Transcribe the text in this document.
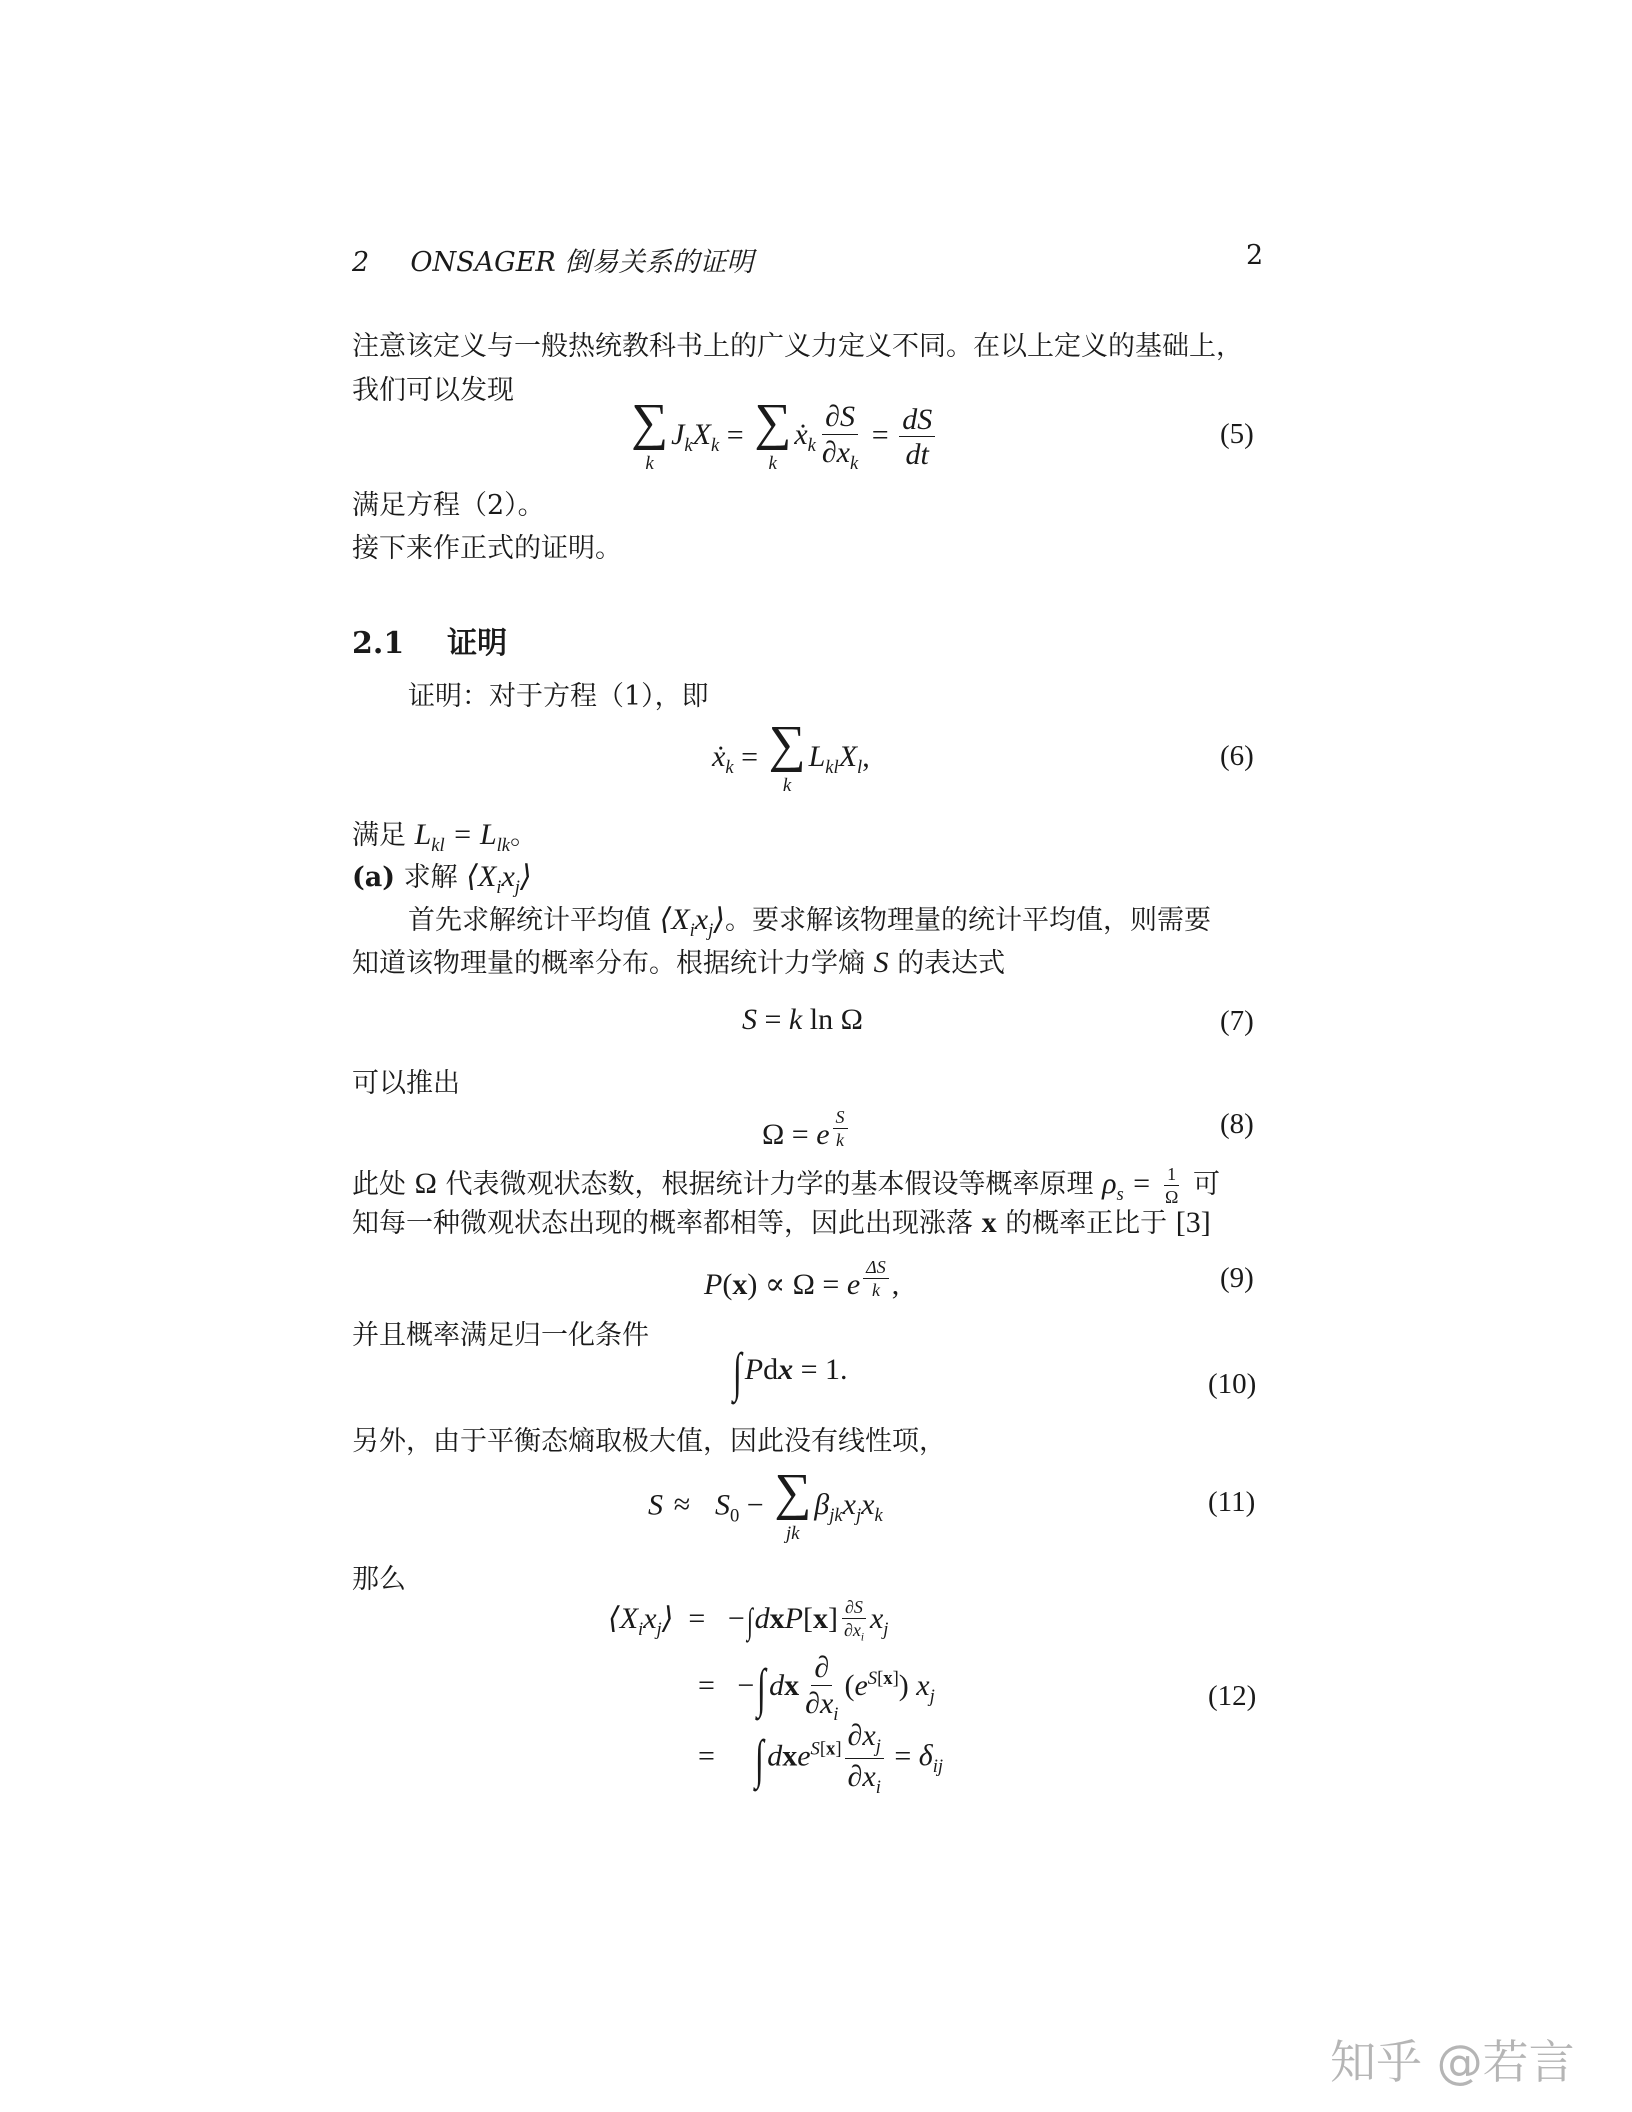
2 ONSAGER 倒易关系的证明	2
注意该定义与一般热统教科书上的广义力定义不同。在以上定义的基础上，
我们可以发现
∑
k
$J_kX_k$ = ∑
k
ẋ$_k$ $\frac{\partial S}{\partial x_k} = \frac{dS}{dt}$	(5)
满足方程（2）。
接下来作正式的证明。
2.1 证明
证明：对于方程（1），即
ẋ$_k$ = ∑
k
$L_{kl}X_l$,	(6)
满足 $L_{kl} = L_{lk}$。
(a) 求解 $⟨X_ix_j⟩$
首先求解统计平均值 $⟨X_ix_j⟩$。要求解该物理量的统计平均值，则需要
知道该物理量的概率分布。根据统计力学熵 S 的表达式
S = k ln Ω	(7)
可以推出
Ω = e $^{\frac{S}{k}}$	(8)
此处 Ω 代表微观状态数，根据统计力学的基本假设等概率原理 $\rho_s = \frac{1}{\Omega}$ 可
知每一种微观状态出现的概率都相等，因此出现涨落 x 的概率正比于 [3]
P(x) ∝ Ω = e $^{\frac{\Delta S}{k}}$ ,	(9)
并且概率满足归一化条件
∫Pdx = 1.	(10)
另外，由于平衡态熵取极大值，因此没有线性项，
$S \approx S_0$ − ∑
jk
$\beta_{jk}x_jx_k$	(11)
那么
$⟨X_ix_j⟩ = -\int dxP[x] \frac{\partial S}{\partial x_i} x_j$
=   $-\int dx \frac{\partial}{\partial x_i} (e^{S[x]})$ $x_j$	(12)
=     $\int dxe^{S[x]} \frac{\partial x_j}{\partial x_i} = \delta_{ij}$
知乎 @若言
